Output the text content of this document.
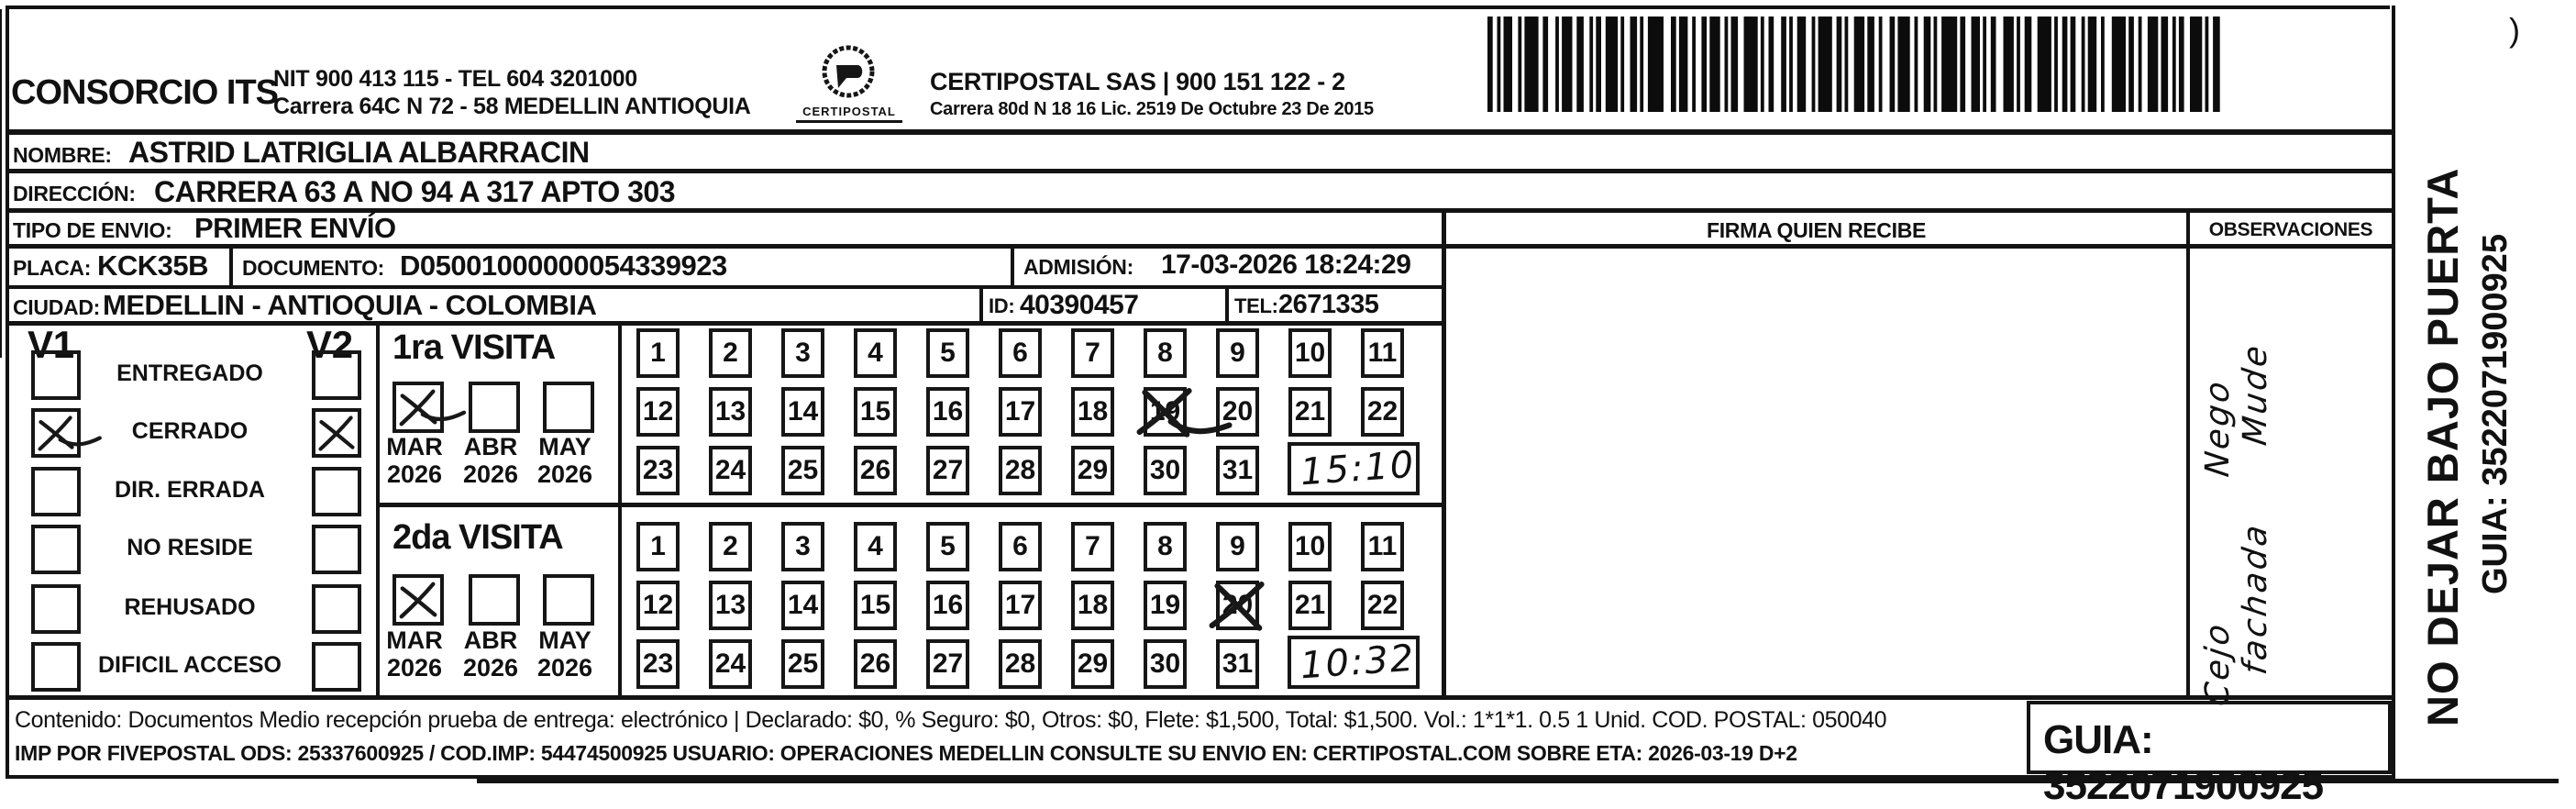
CONSORCIO ITS
NIT 900 413 115 - TEL 604 3201000
Carrera 64C N 72 - 58 MEDELLIN ANTIOQUIA	CERTIPOSTAL
CERTIPOSTAL SAS | 900 151 122 - 2
Carrera 80d N 18 16 Lic. 2519 De Octubre 23 De 2015
)
NOMBRE: ASTRID LATRIGLIA ALBARRACIN
DIRECCIÓN: CARRERA 63 A NO 94 A 317 APTO 303
TIPO DE ENVIO: PRIMER ENVÍO	FIRMA QUIEN RECIBE	OBSERVACIONES
PLACA: KCK35B DOCUMENTO: D05001000000054339923	ADMISIÓN: 17-03-2026 18:24:29
CIUDAD: MEDELLIN - ANTIOQUIA - COLOMBIA	ID: 40390457	TEL: 2671335
V1	V2
ENTREGADO
CERRADO
DIR. ERRADA
NO RESIDE
REHUSADO
DIFICIL ACCESO
1ra VISITA
MAR
2026
ABR
2026
MAY
2026
1	2	3	4	5	6	7	8	9	10 11
12 13 14 15 16 17 18 19 20 21 22
23 24 25 26 27 28 29 30 31 15:10
2da VISITA
MAR
2026
ABR
2026
MAY
2026
1	2	3	4	5	6	7	8	9	10 11
12 13 14 15 16 17 18 19 20 21 22
23 24 25 26 27 28 29 30 31 10:32
Nego Mude
Cejo fachada	NO DEJAR BAJO PUERTA GUIA: 3522071900925
Contenido: Documentos Medio recepción prueba de entrega: electrónico | Declarado: $0, % Seguro: $0, Otros: $0, Flete: $1,500, Total: $1,500. Vol.: 1*1*1. 0.5 1 Unid. COD. POSTAL: 050040
IMP POR FIVEPOSTAL ODS: 25337600925 / COD.IMP: 54474500925 USUARIO: OPERACIONES MEDELLIN CONSULTE SU ENVIO EN: CERTIPOSTAL.COM SOBRE ETA: 2026-03-19 D+2	GUIA: 3522071900925
